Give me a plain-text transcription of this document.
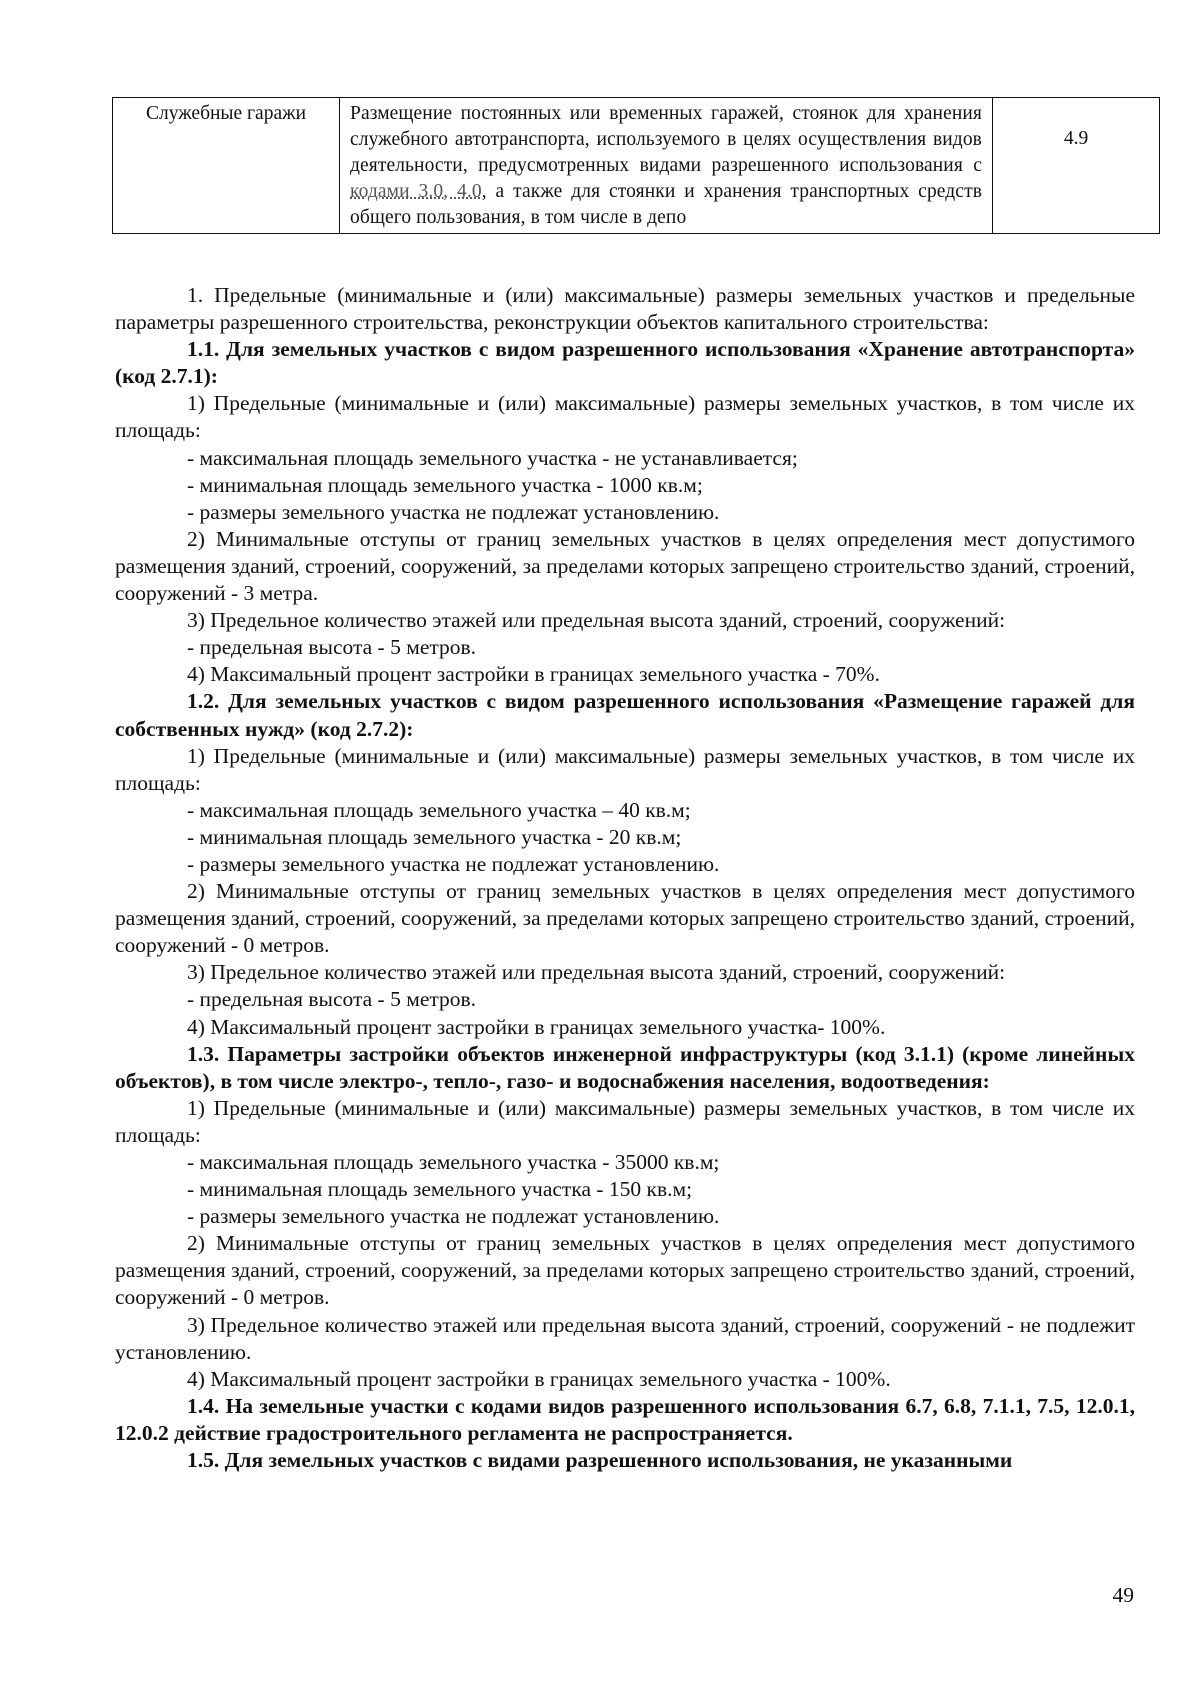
Служебные гаражи	Размещение постоянных или временных гаражей, стоянок для хранения служебного автотранспорта, используемого в целях осуществления видов деятельности, предусмотренных видами разрешенного использования с кодами 3.0, 4.0, а также для стоянки и хранения транспортных средств общего пользования, в том числе в депо	4.9

1. Предельные (минимальные и (или) максимальные) размеры земельных участков и предельные параметры разрешенного строительства, реконструкции объектов капитального строительства:

1.1. Для земельных участков с видом разрешенного использования «Хранение автотранспорта» (код 2.7.1):

1) Предельные (минимальные и (или) максимальные) размеры земельных участков, в том числе их площадь:

- максимальная площадь земельного участка - не устанавливается;

- минимальная площадь земельного участка - 1000 кв.м;

- размеры земельного участка не подлежат установлению.

2) Минимальные отступы от границ земельных участков в целях определения мест допустимого размещения зданий, строений, сооружений, за пределами которых запрещено строительство зданий, строений, сооружений - 3 метра.

3) Предельное количество этажей или предельная высота зданий, строений, сооружений:

- предельная высота - 5 метров.

4) Максимальный процент застройки в границах земельного участка - 70%.

1.2. Для земельных участков с видом разрешенного использования «Размещение гаражей для собственных нужд» (код 2.7.2):

1) Предельные (минимальные и (или) максимальные) размеры земельных участков, в том числе их площадь:

- максимальная площадь земельного участка – 40 кв.м;

- минимальная площадь земельного участка - 20 кв.м;

- размеры земельного участка не подлежат установлению.

2) Минимальные отступы от границ земельных участков в целях определения мест допустимого размещения зданий, строений, сооружений, за пределами которых запрещено строительство зданий, строений, сооружений - 0 метров.

3) Предельное количество этажей или предельная высота зданий, строений, сооружений:

- предельная высота - 5 метров.

4) Максимальный процент застройки в границах земельного участка- 100%.

1.3. Параметры застройки объектов инженерной инфраструктуры (код 3.1.1) (кроме линейных объектов), в том числе электро-, тепло-, газо- и водоснабжения населения, водоотведения:

1) Предельные (минимальные и (или) максимальные) размеры земельных участков, в том числе их площадь:

- максимальная площадь земельного участка - 35000 кв.м;

- минимальная площадь земельного участка - 150 кв.м;

- размеры земельного участка не подлежат установлению.

2) Минимальные отступы от границ земельных участков в целях определения мест допустимого размещения зданий, строений, сооружений, за пределами которых запрещено строительство зданий, строений, сооружений - 0 метров.

3) Предельное количество этажей или предельная высота зданий, строений, сооружений - не подлежит установлению.

4) Максимальный процент застройки в границах земельного участка - 100%.

1.4. На земельные участки с кодами видов разрешенного использования 6.7, 6.8, 7.1.1, 7.5, 12.0.1, 12.0.2 действие градостроительного регламента не распространяется.

1.5. Для земельных участков с видами разрешенного использования, не указанными

49
